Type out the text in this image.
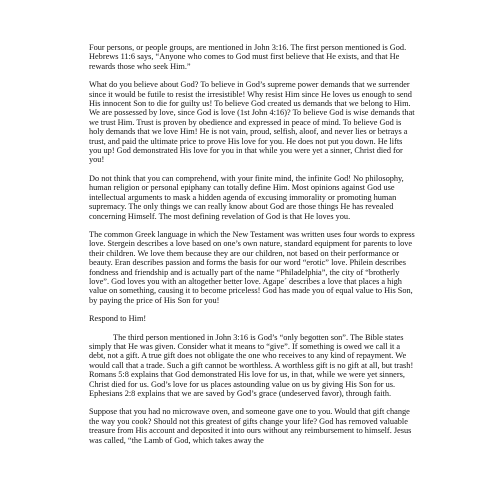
Four persons, or people groups, are mentioned in John 3:16. The first person mentioned is God. Hebrews 11:6 says, “Anyone who comes to God must first believe that He exists, and that He rewards those who seek Him.”

What do you believe about God? To believe in God’s supreme power demands that we surrender since it would be futile to resist the irresistible! Why resist Him since He loves us enough to send His innocent Son to die for guilty us! To believe God created us demands that we belong to Him. We are possessed by love, since God is love (1st John 4:16)? To believe God is wise demands that we trust Him. Trust is proven by obedience and expressed in peace of mind. To believe God is holy demands that we love Him! He is not vain, proud, selfish, aloof, and never lies or betrays a trust, and paid the ultimate price to prove His love for you. He does not put you down. He lifts you up! God demonstrated His love for you in that while you were yet a sinner, Christ died for you!

Do not think that you can comprehend, with your finite mind, the infinite God! No philosophy, human religion or personal epiphany can totally define Him. Most opinions against God use intellectual arguments to mask a hidden agenda of excusing immorality or promoting human supremacy. The only things we can really know about God are those things He has revealed concerning Himself. The most defining revelation of God is that He loves you.

The common Greek language in which the New Testament was written uses four words to express love. Stergein describes a love based on one’s own nature, standard equipment for parents to love their children. We love them because they are our children, not based on their performance or beauty. Eran describes passion and forms the basis for our word “erotic” love. Philein describes fondness and friendship and is actually part of the name “Philadelphia”, the city of “brotherly love”. God loves you with an altogether better love. Agape´ describes a love that places a high value on something, causing it to become priceless! God has made you of equal value to His Son, by paying the price of His Son for you!

Respond to Him!

The third person mentioned in John 3:16 is God’s “only begotten son”. The Bible states simply that He was given. Consider what it means to “give”. If something is owed we call it a debt, not a gift. A true gift does not obligate the one who receives to any kind of repayment. We would call that a trade. Such a gift cannot be worthless. A worthless gift is no gift at all, but trash! Romans 5:8 explains that God demonstrated His love for us, in that, while we were yet sinners, Christ died for us. God’s love for us places astounding value on us by giving His Son for us. Ephesians 2:8 explains that we are saved by God’s grace (undeserved favor), through faith.

Suppose that you had no microwave oven, and someone gave one to you. Would that gift change the way you cook? Should not this greatest of gifts change your life? God has removed valuable treasure from His account and deposited it into ours without any reimbursement to himself. Jesus was called, “the Lamb of God, which takes away the
